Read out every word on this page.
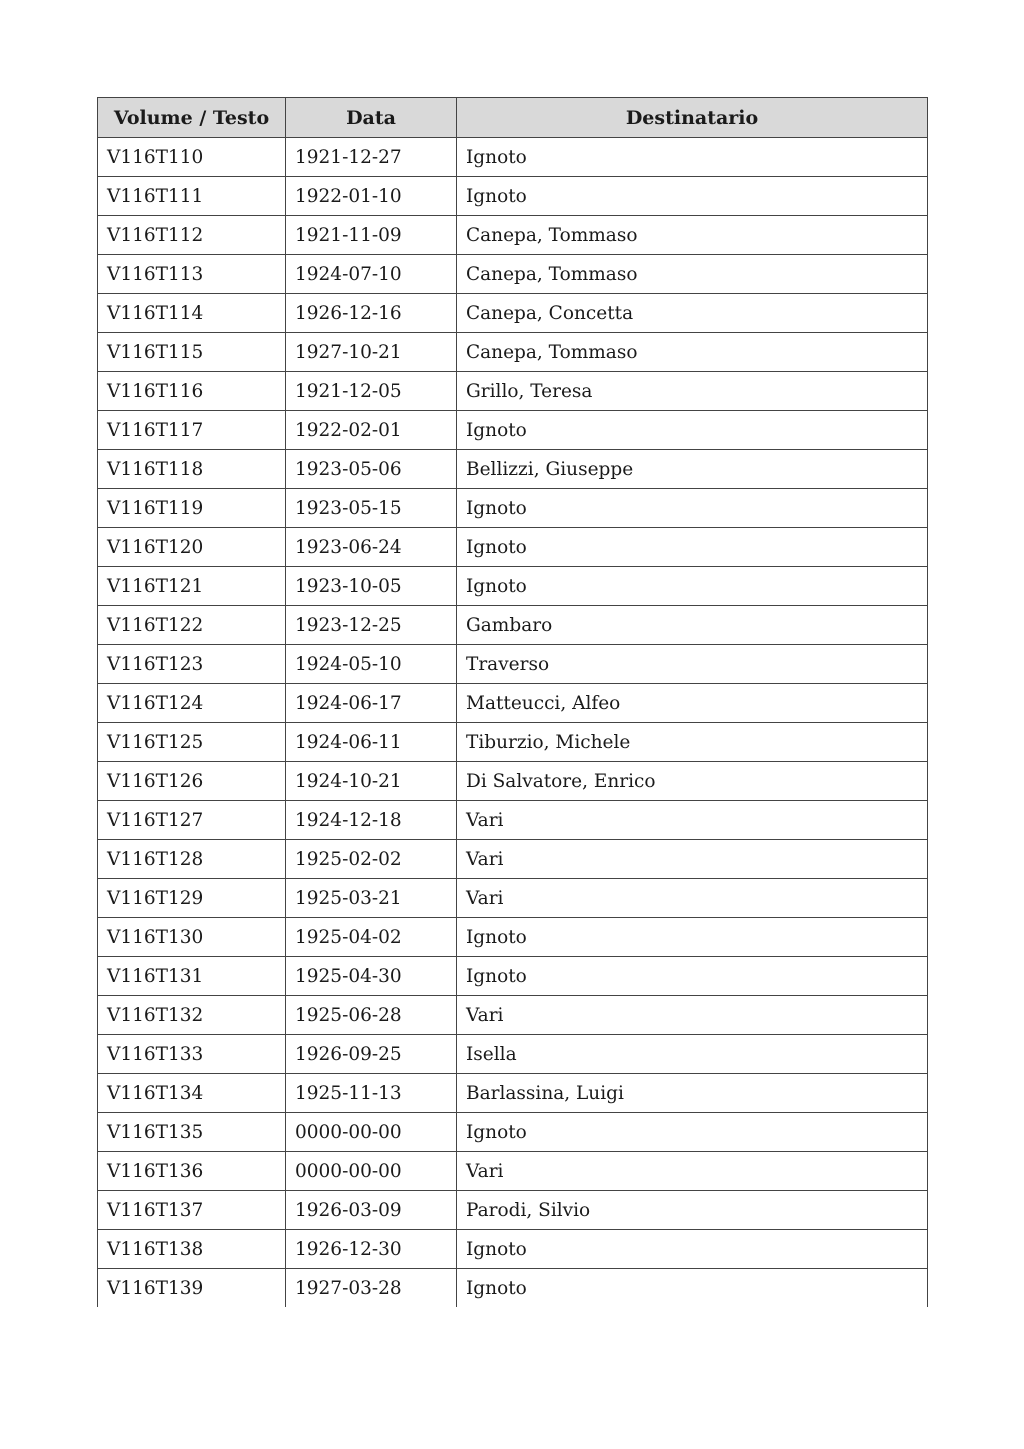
Volume / Testo	Data	Destinatario
V116T110	1921-12-27	Ignoto
V116T111	1922-01-10	Ignoto
V116T112	1921-11-09	Canepa, Tommaso
V116T113	1924-07-10	Canepa, Tommaso
V116T114	1926-12-16	Canepa, Concetta
V116T115	1927-10-21	Canepa, Tommaso
V116T116	1921-12-05	Grillo, Teresa
V116T117	1922-02-01	Ignoto
V116T118	1923-05-06	Bellizzi, Giuseppe
V116T119	1923-05-15	Ignoto
V116T120	1923-06-24	Ignoto
V116T121	1923-10-05	Ignoto
V116T122	1923-12-25	Gambaro
V116T123	1924-05-10	Traverso
V116T124	1924-06-17	Matteucci, Alfeo
V116T125	1924-06-11	Tiburzio, Michele
V116T126	1924-10-21	Di Salvatore, Enrico
V116T127	1924-12-18	Vari
V116T128	1925-02-02	Vari
V116T129	1925-03-21	Vari
V116T130	1925-04-02	Ignoto
V116T131	1925-04-30	Ignoto
V116T132	1925-06-28	Vari
V116T133	1926-09-25	Isella
V116T134	1925-11-13	Barlassina, Luigi
V116T135	0000-00-00	Ignoto
V116T136	0000-00-00	Vari
V116T137	1926-03-09	Parodi, Silvio
V116T138	1926-12-30	Ignoto
V116T139	1927-03-28	Ignoto
